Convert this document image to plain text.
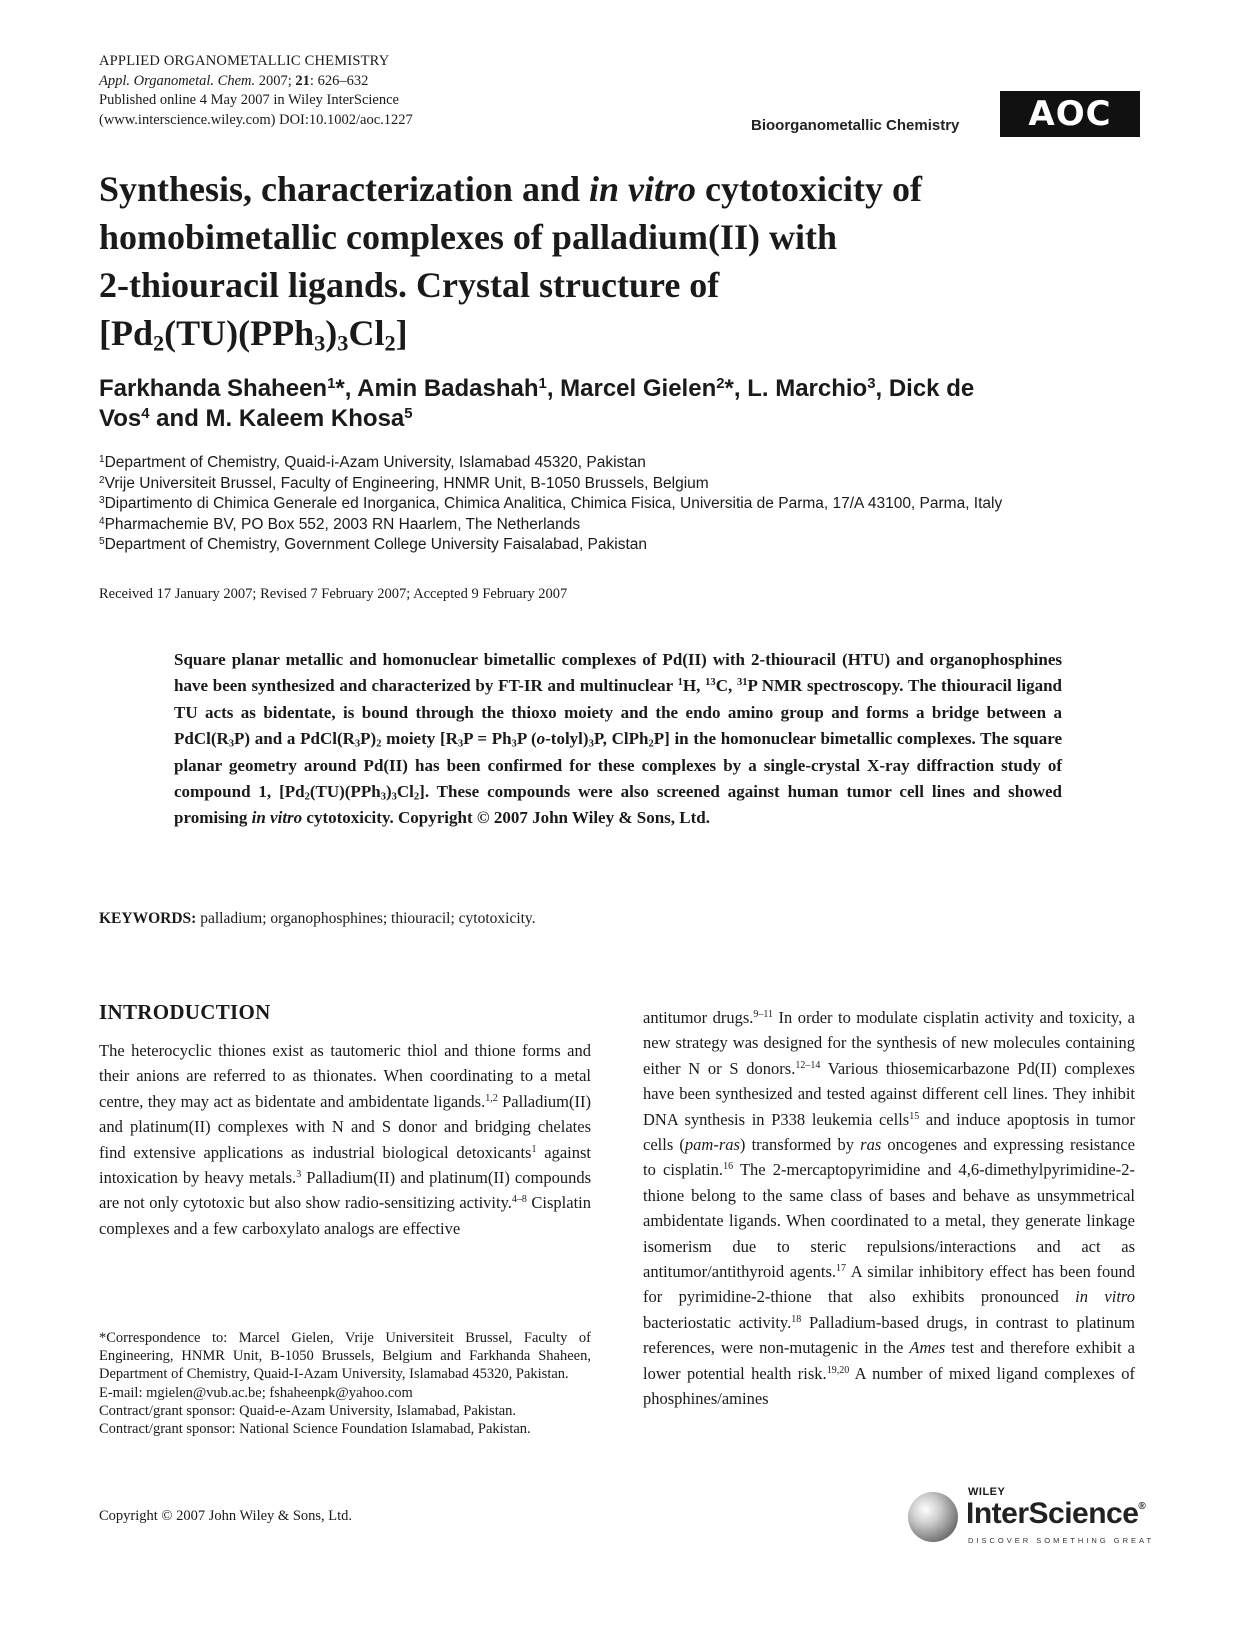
APPLIED ORGANOMETALLIC CHEMISTRY
Appl. Organometal. Chem. 2007; 21: 626–632
Published online 4 May 2007 in Wiley InterScience
(www.interscience.wiley.com) DOI:10.1002/aoc.1227	Bioorganometallic Chemistry	AOC
Synthesis, characterization and in vitro cytotoxicity of
homobimetallic complexes of palladium(II) with
2-thiouracil ligands. Crystal structure of
$[Pd_2(TU)(PPh_3)_3Cl_2]$
Farkhanda Shaheen$^1$*, Amin Badashah$^1$, Marcel Gielen$^2$*, L. Marchio$^3$, Dick de
Vos$^4$ and M. Kaleem Khosa$^5$
$^1$Department of Chemistry, Quaid-i-Azam University, Islamabad 45320, Pakistan
$^2$Vrije Universiteit Brussel, Faculty of Engineering, HNMR Unit, B-1050 Brussels, Belgium
$^3$Dipartimento di Chimica Generale ed Inorganica, Chimica Analitica, Chimica Fisica, Universitia de Parma, 17/A 43100, Parma, Italy
$^4$Pharmachemie BV, PO Box 552, 2003 RN Haarlem, The Netherlands
$^5$Department of Chemistry, Government College University Faisalabad, Pakistan
Received 17 January 2007; Revised 7 February 2007; Accepted 9 February 2007
Square planar metallic and homonuclear bimetallic complexes of Pd(II) with 2-thiouracil (HTU) and organophosphines have been synthesized and characterized by FT-IR and multinuclear $^1$H, $^{13}$C, $^{31}$P NMR spectroscopy. The thiouracil ligand TU acts as bidentate, is bound through the thioxo moiety and the endo amino group and forms a bridge between a $PdCl(R_3P)$ and a $PdCl(R_3P)_2$ moiety [$R_3P = Ph_3P$ $(o-tolyl)_3P$, ClPh$_2$P] in the homonuclear bimetallic complexes. The square planar geometry around Pd(II) has been confirmed for these complexes by a single-crystal X-ray diffraction study of compound 1, $[Pd_2(TU)(PPh_3)_3Cl_2]$. These compounds were also screened against human tumor cell lines and showed promising in vitro cytotoxicity. Copyright © 2007 John Wiley & Sons, Ltd.
KEYWORDS: palladium; organophosphines; thiouracil; cytotoxicity.
INTRODUCTION
The heterocyclic thiones exist as tautomeric thiol and thione forms and their anions are referred to as thionates. When coordinating to a metal centre, they may act as bidentate and ambidentate ligands.$^{1,2}$ Palladium(II) and platinum(II) complexes with N and S donor and bridging chelates find extensive applications as industrial biological detoxicants$^1$ against intoxication by heavy metals.$^3$ Palladium(II) and platinum(II) compounds are not only cytotoxic but also show radio-sensitizing activity.$^{4-8}$ Cisplatin complexes and a few carboxylato analogs are effective
*Correspondence to: Marcel Gielen, Vrije Universiteit Brussel, Faculty of Engineering, HNMR Unit, B-1050 Brussels, Belgium and Farkhanda Shaheen, Department of Chemistry, Quaid-I-Azam University, Islamabad 45320, Pakistan.
E-mail: mgielen@vub.ac.be; fshaheenpk@yahoo.com
Contract/grant sponsor: Quaid-e-Azam University, Islamabad, Pakistan.
Contract/grant sponsor: National Science Foundation Islamabad, Pakistan.
antitumor drugs.$^{9-11}$ In order to modulate cisplatin activity and toxicity, a new strategy was designed for the synthesis of new molecules containing either N or S donors.$^{12-14}$ Various thiosemicarbazone Pd(II) complexes have been synthesized and tested against different cell lines. They inhibit DNA synthesis in P338 leukemia cells$^{15}$ and induce apoptosis in tumor cells (pam-ras) transformed by ras oncogenes and expressing resistance to cisplatin.$^{16}$ The 2-mercaptopyrimidine and 4,6-dimethylpyrimidine-2-thione belong to the same class of bases and behave as unsymmetrical ambidentate ligands. When coordinated to a metal, they generate linkage isomerism due to steric repulsions/interactions and act as antitumor/antithyroid agents.$^{17}$ A similar inhibitory effect has been found for pyrimidine-2-thione that also exhibits pronounced in vitro bacteriostatic activity.$^{18}$ Palladium-based drugs, in contrast to platinum references, were non-mutagenic in the Ames test and therefore exhibit a lower potential health risk.$^{19,20}$ A number of mixed ligand complexes of phosphines/amines
Copyright © 2007 John Wiley & Sons, Ltd.
WILEY
InterScience®
DISCOVER SOMETHING GREAT
